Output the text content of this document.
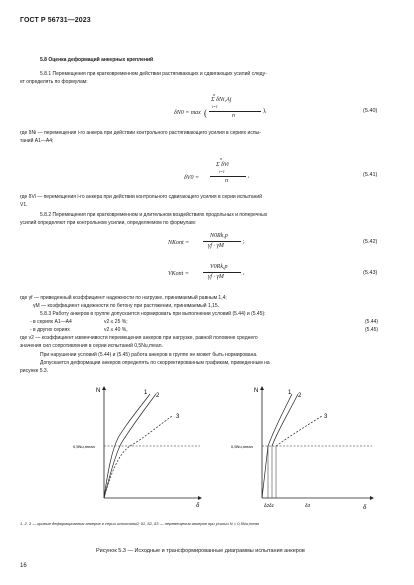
ГОСТ Р 56731—2023
5.8 Оценка деформаций анкерных креплений
5.8.1 Перемещения при кратковременном действии растягивающих и сдвигающих усилий следу-
ет определять по формулам:
δN0 = max (
n
Σ δNi,Aj
i=1
n
),	(5.40)
где δNi — перемещения i-го анкера при действии контрольного растягивающего усилия в сериях испы-
таний А1—А4;
δV0 =
n
Σ δVi
i=1
n
,	(5.41)
где δVi — перемещения i-го анкера при действии контрольного сдвигающего усилия в серии испытаний
V1.
5.8.2 Перемещения при кратковременном и длительном воздействиях продольных и поперечных
усилий определяют при контрольном усилии, определяемом по формулам:
NKont =
N0Rk,p
γf · γM
;	(5.42)
VKont =
V0Rk,p
γf · γM
,	(5.43)
где γf — приведенный коэффициент надежности по нагрузке, принимаемый равным 1,4;
γM — коэффициент надежности по бетону при растяжении, принимаемый 1,15.
5.8.3 Работу анкеров в группе допускается нормировать при выполнении условий (5.44) и (5.45):
- в сериях А1—А4	v2 ≤ 25 %;	(5.44)
- в других сериях	v2 ≤ 40 %,	(5.45)
где v2 — коэффициент изменчивости перемещения анкеров при нагрузке, равной половине среднего
значения сил сопротивления в серии испытаний 0,5Nu,mean.
При нарушении условий (5.44) и (5.45) работа анкеров в группе не может быть нормирована.
Допускается деформации анкеров определять по скорректированным графикам, приведенным на
рисунке 5.3.
N
δ
0,5Nu,mean
1 2
3
N
δ
0,5Nu,mean
1 2
3
δ2δ1	δ3
1, 2, 3 — кривые деформирования анкеров в серии испытаний; δ1, δ2, δ3 — перемещения анкеров при усилии N = 0,5Nu,mean
Рисунок 5.3 — Исходные и трансформированные диаграммы испытания анкеров
16
